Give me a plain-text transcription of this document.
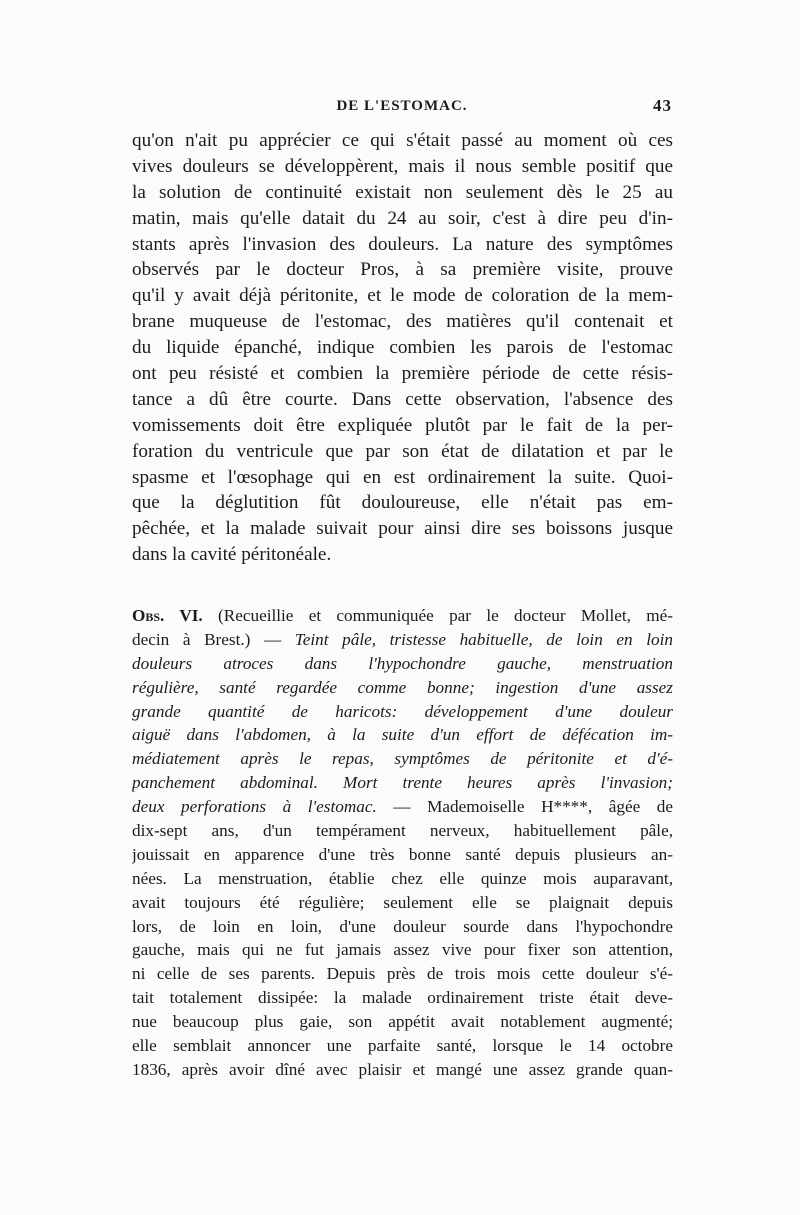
DE L'ESTOMAC.	43
qu'on n'ait pu apprécier ce qui s'était passé au moment où ces
vives douleurs se développèrent, mais il nous semble positif que
la solution de continuité existait non seulement dès le 25 au
matin, mais qu'elle datait du 24 au soir, c'est à dire peu d'in-
stants après l'invasion des douleurs. La nature des symptômes
observés par le docteur Pros, à sa première visite, prouve
qu'il y avait déjà péritonite, et le mode de coloration de la mem-
brane muqueuse de l'estomac, des matières qu'il contenait et
du liquide épanché, indique combien les parois de l'estomac
ont peu résisté et combien la première période de cette résis-
tance a dû être courte. Dans cette observation, l'absence des
vomissements doit être expliquée plutôt par le fait de la per-
foration du ventricule que par son état de dilatation et par le
spasme et l'œsophage qui en est ordinairement la suite. Quoi-
que la déglutition fût douloureuse, elle n'était pas em-
pêchée, et la malade suivait pour ainsi dire ses boissons jusque
dans la cavité péritonéale.
Obs. VI. (Recueillie et communiquée par le docteur Mollet, mé-
decin à Brest.) — Teint pâle, tristesse habituelle, de loin en loin
douleurs atroces dans l'hypochondre gauche, menstruation
régulière, santé regardée comme bonne; ingestion d'une assez
grande quantité de haricots: développement d'une douleur
aiguë dans l'abdomen, à la suite d'un effort de défécation im-
médiatement après le repas, symptômes de péritonite et d'é-
panchement abdominal. Mort trente heures après l'invasion;
deux perforations à l'estomac. — Mademoiselle H****, âgée de
dix-sept ans, d'un tempérament nerveux, habituellement pâle,
jouissait en apparence d'une très bonne santé depuis plusieurs an-
nées. La menstruation, établie chez elle quinze mois auparavant,
avait toujours été régulière; seulement elle se plaignait depuis
lors, de loin en loin, d'une douleur sourde dans l'hypochondre
gauche, mais qui ne fut jamais assez vive pour fixer son attention,
ni celle de ses parents. Depuis près de trois mois cette douleur s'é-
tait totalement dissipée: la malade ordinairement triste était deve-
nue beaucoup plus gaie, son appétit avait notablement augmenté;
elle semblait annoncer une parfaite santé, lorsque le 14 octobre
1836, après avoir dîné avec plaisir et mangé une assez grande quan-
